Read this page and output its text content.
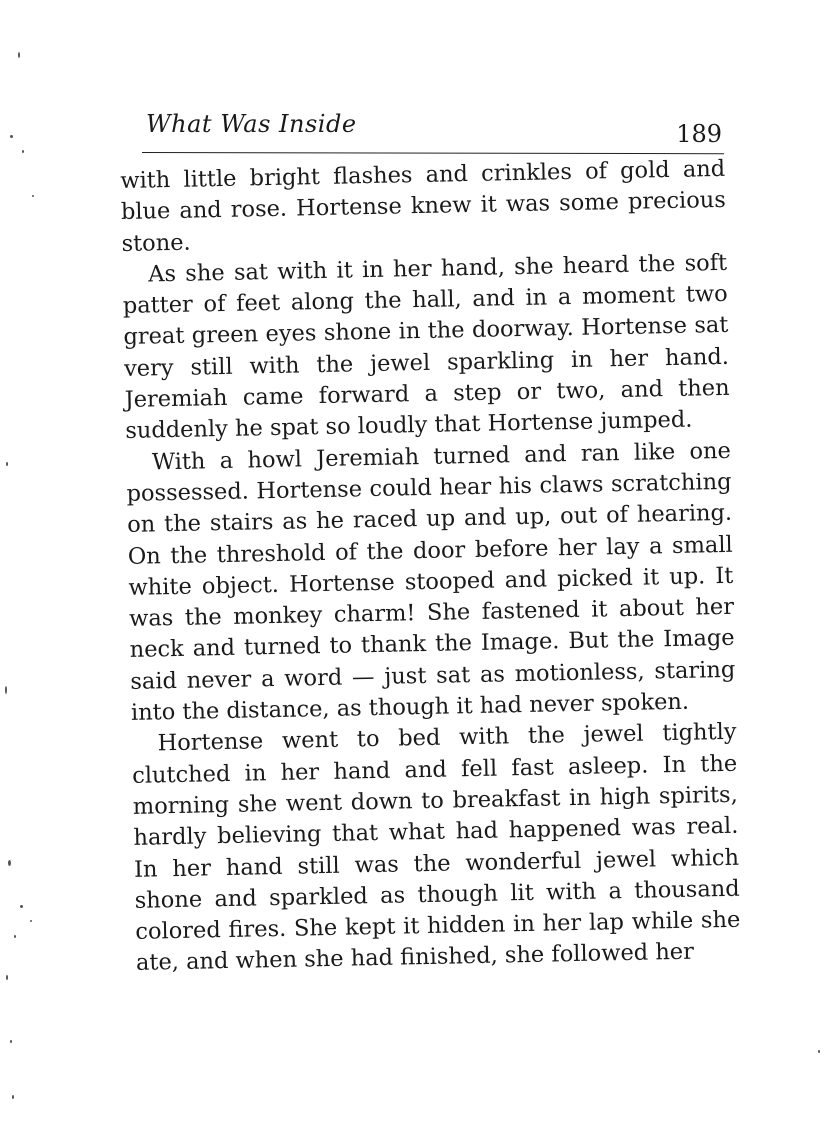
What Was Inside	189

with little bright flashes and crinkles of gold and blue and rose. Hortense knew it was some precious stone.

As she sat with it in her hand, she heard the soft patter of feet along the hall, and in a moment two great green eyes shone in the doorway. Hortense sat very still with the jewel sparkling in her hand. Jeremiah came forward a step or two, and then suddenly he spat so loudly that Hortense jumped.

With a howl Jeremiah turned and ran like one possessed. Hortense could hear his claws scratching on the stairs as he raced up and up, out of hearing. On the threshold of the door before her lay a small white object. Hortense stooped and picked it up. It was the monkey charm! She fastened it about her neck and turned to thank the Image. But the Image said never a word — just sat as motionless, staring into the distance, as though it had never spoken.

Hortense went to bed with the jewel tightly clutched in her hand and fell fast asleep. In the morning she went down to breakfast in high spirits, hardly believing that what had happened was real. In her hand still was the wonderful jewel which shone and sparkled as though lit with a thousand colored fires. She kept it hidden in her lap while she ate, and when she had finished, she followed her
